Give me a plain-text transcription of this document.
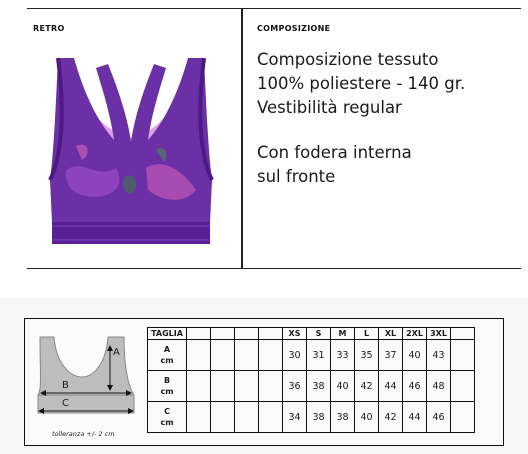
RETRO	COMPOSIZIONE
Composizione tessuto
100% poliestere - 140 gr.
Vestibilità regular
Con fodera interna
sul fronte
A
B
C
tolleranza +/- 2 cm
TAGLIA					XS	S	M	L	XL	2XL	3XL	

A
cm					30	31	33	35	37	40	43	

B
cm					36	38	40	42	44	46	48	

C
cm					34	38	38	40	42	44	46	
